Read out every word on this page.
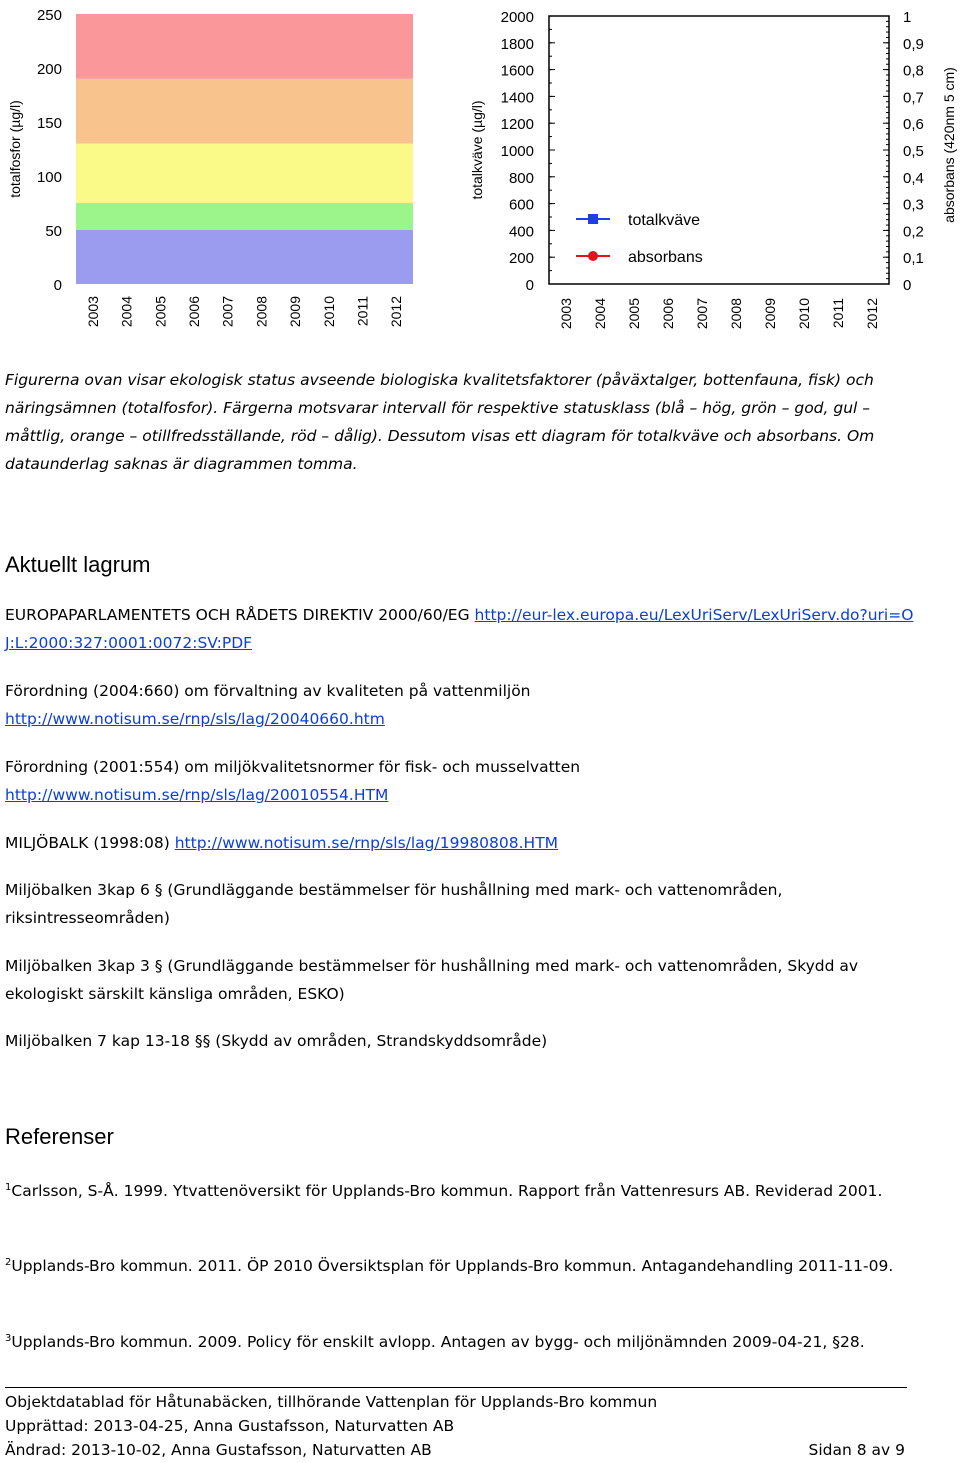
0
50
100
150
200
250
totalfosfor (µg/l)
2003 2004 2005 2006 2007 2008 2009 2010 2011 2012
0
200
400
600
800
1000
1200
1400
1600
1800
2000
0
0,1
0,2
0,3
0,4
0,5
0,6
0,7
0,8
0,9
1
totalkväve (µg/l)	absorbans (420nm 5 cm)
2003 2004 2005 2006 2007 2008 2009 2010 2011 2012
totalkväve
absorbans
Figurerna ovan visar ekologisk status avseende biologiska kvalitetsfaktorer (påväxtalger, bottenfauna, fisk) och näringsämnen (totalfosfor). Färgerna motsvarar intervall för respektive statusklass (blå – hög, grön – god, gul – måttlig, orange – otillfredsställande, röd – dålig). Dessutom visas ett diagram för totalkväve och absorbans. Om dataunderlag saknas är diagrammen tomma.
Aktuellt lagrum
EUROPAPARLAMENTETS OCH RÅDETS DIREKTIV 2000/60/EG http://eur-lex.europa.eu/LexUriServ/LexUriServ.do?uri=OJ:L:2000:327:0001:0072:SV:PDF
Förordning (2004:660) om förvaltning av kvaliteten på vattenmiljön
http://www.notisum.se/rnp/sls/lag/20040660.htm
Förordning (2001:554) om miljökvalitetsnormer för fisk- och musselvatten
http://www.notisum.se/rnp/sls/lag/20010554.HTM
MILJÖBALK (1998:08) http://www.notisum.se/rnp/sls/lag/19980808.HTM
Miljöbalken 3kap 6 § (Grundläggande bestämmelser för hushållning med mark- och vattenområden, riksintresseområden)
Miljöbalken 3kap 3 § (Grundläggande bestämmelser för hushållning med mark- och vattenområden, Skydd av ekologiskt särskilt känsliga områden, ESKO)
Miljöbalken 7 kap 13-18 §§ (Skydd av områden, Strandskyddsområde)
Referenser
$^1$Carlsson, S-Å. 1999. Ytvattenöversikt för Upplands-Bro kommun. Rapport från Vattenresurs AB. Reviderad 2001.
$^2$Upplands-Bro kommun. 2011. ÖP 2010 Översiktsplan för Upplands-Bro kommun. Antagandehandling 2011-11-09.
$^3$Upplands-Bro kommun. 2009. Policy för enskilt avlopp. Antagen av bygg- och miljönämnden 2009-04-21, §28.
Objektdatablad för Håtunabäcken, tillhörande Vattenplan för Upplands-Bro kommun
Upprättad: 2013-04-25, Anna Gustafsson, Naturvatten AB
Ändrad: 2013-10-02, Anna Gustafsson, Naturvatten AB	Sidan 8 av 9
